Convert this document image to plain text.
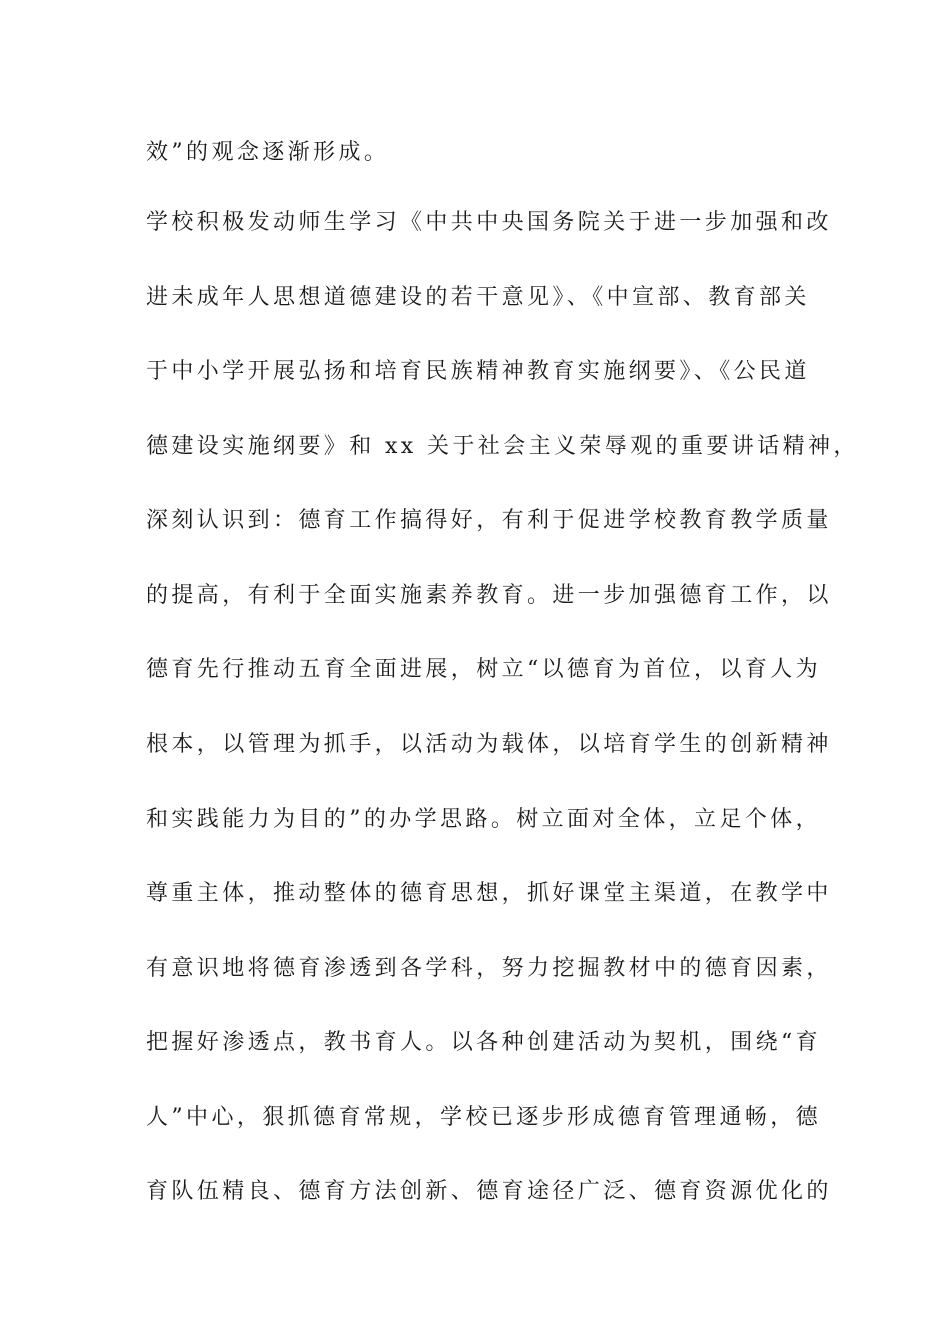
效”的观念逐渐形成。

学校积极发动师生学习《中共中央国务院关于进一步加强和改

进未成年人思想道德建设的若干意见》、《中宣部、教育部关

于中小学开展弘扬和培育民族精神教育实施纲要》、《公民道

德建设实施纲要》和 xx 关于社会主义荣辱观的重要讲话精神，

深刻认识到：德育工作搞得好，有利于促进学校教育教学质量

的提高，有利于全面实施素养教育。进一步加强德育工作，以

德育先行推动五育全面进展，树立“以德育为首位，以育人为

根本，以管理为抓手，以活动为载体，以培育学生的创新精神

和实践能力为目的”的办学思路。树立面对全体，立足个体，

尊重主体，推动整体的德育思想，抓好课堂主渠道，在教学中

有意识地将德育渗透到各学科，努力挖掘教材中的德育因素，

把握好渗透点，教书育人。以各种创建活动为契机，围绕“育

人”中心，狠抓德育常规，学校已逐步形成德育管理通畅，德

育队伍精良、德育方法创新、德育途径广泛、德育资源优化的
